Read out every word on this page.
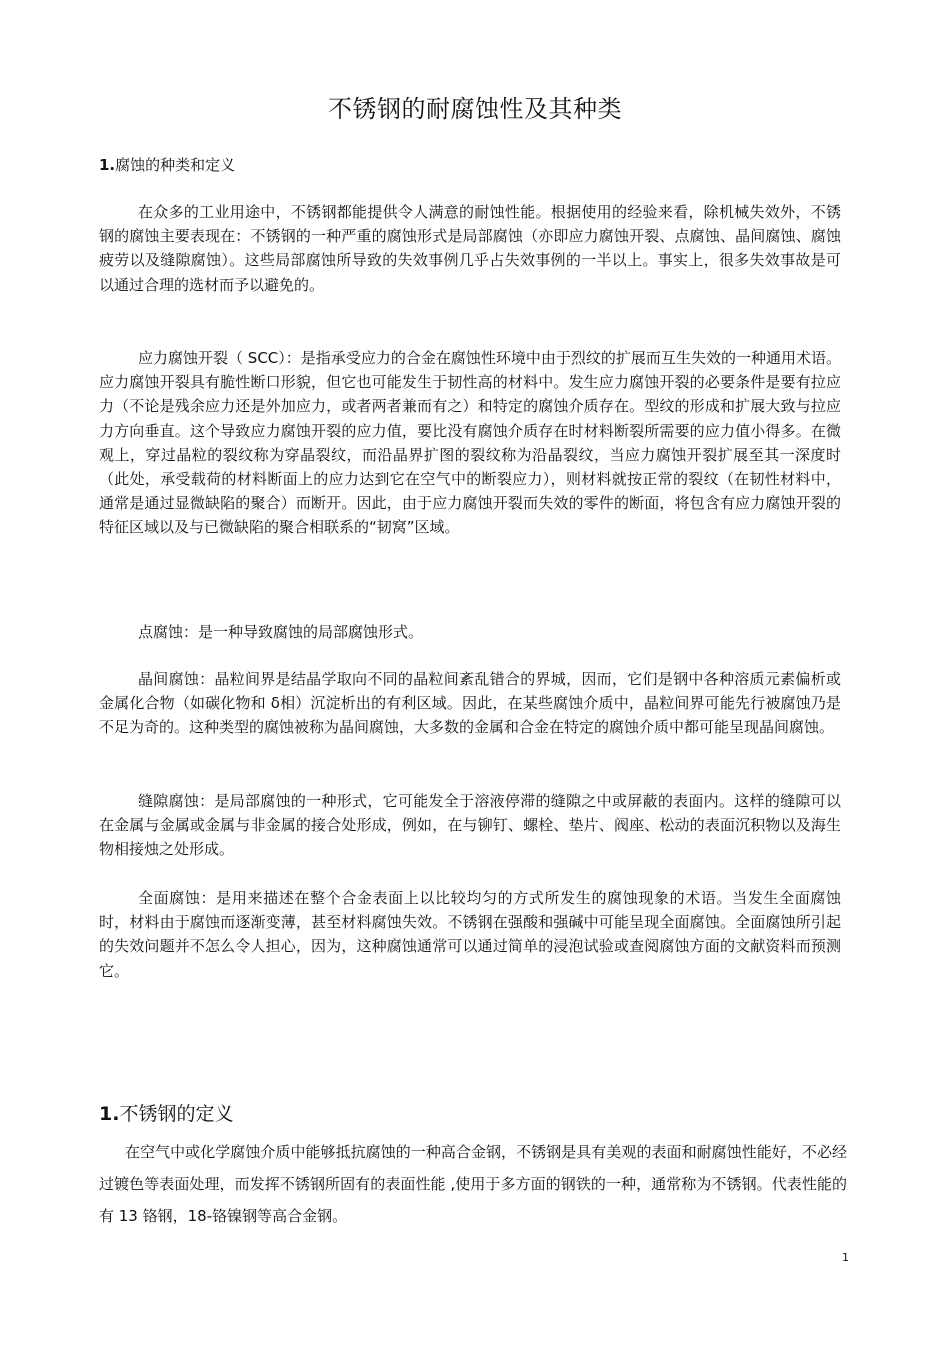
不锈钢的耐腐蚀性及其种类
1.腐蚀的种类和定义

在众多的工业用途中，不锈钢都能提供令人满意的耐蚀性能。根据使用的经验来看，除机械失效外，不锈钢的腐蚀主要表现在：不锈钢的一种严重的腐蚀形式是局部腐蚀（亦即应力腐蚀开裂、点腐蚀、晶间腐蚀、腐蚀疲劳以及缝隙腐蚀）。这些局部腐蚀所导致的失效事例几乎占失效事例的一半以上。事实上，很多失效事故是可以通过合理的选材而予以避免的。

应力腐蚀开裂（ SCC）：是指承受应力的合金在腐蚀性环境中由于烈纹的扩展而互生失效的一种通用术语。应力腐蚀开裂具有脆性断口形貌，但它也可能发生于韧性高的材料中。发生应力腐蚀开裂的必要条件是要有拉应力（不论是残余应力还是外加应力，或者两者兼而有之）和特定的腐蚀介质存在。型纹的形成和扩展大致与拉应力方向垂直。这个导致应力腐蚀开裂的应力值，要比没有腐蚀介质存在时材料断裂所需要的应力值小得多。在微观上，穿过晶粒的裂纹称为穿晶裂纹，而沿晶界扩图的裂纹称为沿晶裂纹，当应力腐蚀开裂扩展至其一深度时（此处，承受载荷的材料断面上的应力达到它在空气中的断裂应力），则材料就按正常的裂纹（在韧性材料中，通常是通过显微缺陷的聚合）而断开。因此，由于应力腐蚀开裂而失效的零件的断面，将包含有应力腐蚀开裂的特征区域以及与已微缺陷的聚合相联系的“韧窝”区域。

点腐蚀：是一种导致腐蚀的局部腐蚀形式。

晶间腐蚀：晶粒间界是结晶学取向不同的晶粒间紊乱错合的界城，因而，它们是钢中各种溶质元素偏析或金属化合物（如碳化物和 δ相）沉淀析出的有利区域。因此，在某些腐蚀介质中，晶粒间界可能先行被腐蚀乃是不足为奇的。这种类型的腐蚀被称为晶间腐蚀，大多数的金属和合金在特定的腐蚀介质中都可能呈现晶间腐蚀。

缝隙腐蚀：是局部腐蚀的一种形式，它可能发全于溶液停滞的缝隙之中或屏蔽的表面内。这样的缝隙可以在金属与金属或金属与非金属的接合处形成，例如，在与铆钉、螺栓、垫片、阀座、松动的表面沉积物以及海生物相接烛之处形成。

全面腐蚀：是用来描述在整个合金表面上以比较均匀的方式所发生的腐蚀现象的术语。当发生全面腐蚀时，材料由于腐蚀而逐渐变薄，甚至材料腐蚀失效。不锈钢在强酸和强碱中可能呈现全面腐蚀。全面腐蚀所引起的失效问题并不怎么令人担心，因为，这种腐蚀通常可以通过简单的浸泡试验或查阅腐蚀方面的文献资料而预测它。

1.不锈钢的定义

在空气中或化学腐蚀介质中能够抵抗腐蚀的一种高合金钢，不锈钢是具有美观的表面和耐腐蚀性能好，不必经过镀色等表面处理，而发挥不锈钢所固有的表面性能 ,使用于多方面的钢铁的一种，通常称为不锈钢。代表性能的有 13 铬钢，18-铬镍钢等高合金钢。

1
